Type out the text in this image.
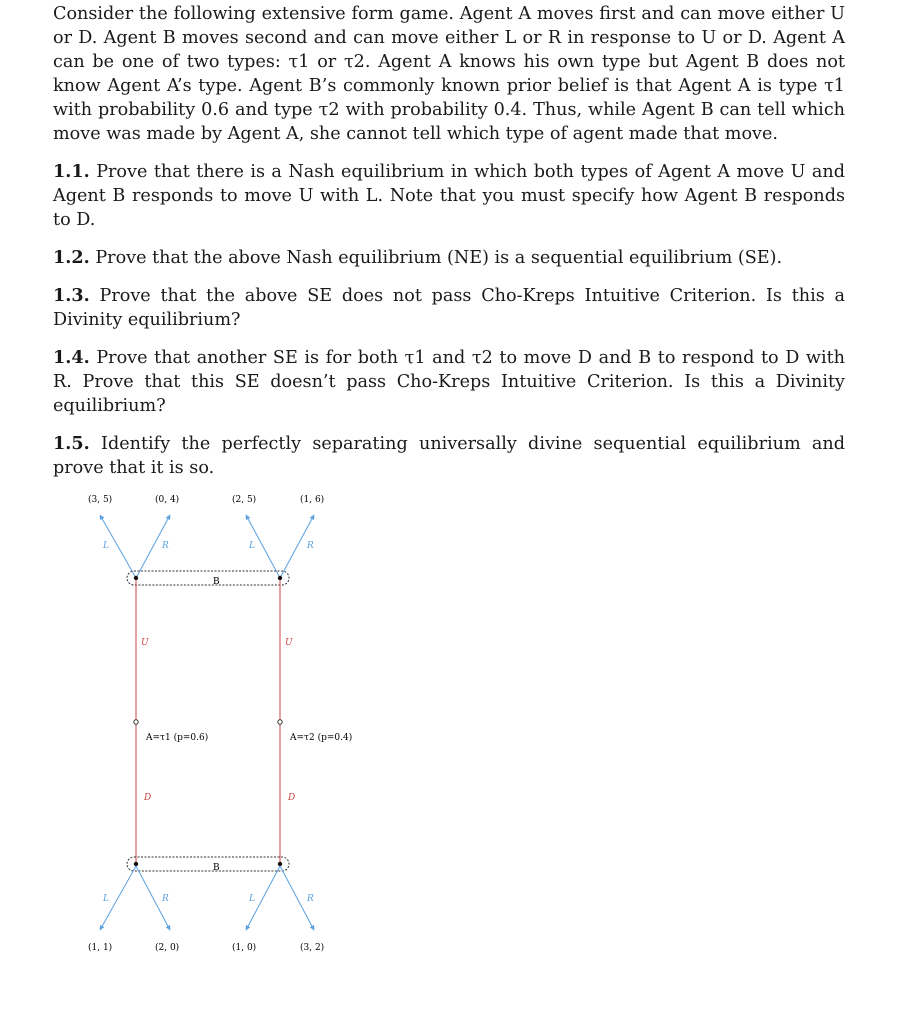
Consider the following extensive form game. Agent A moves first and can move either U or D. Agent B moves second and can move either L or R in response to U or D. Agent A can be one of two types: τ1 or τ2. Agent A knows his own type but Agent B does not know Agent A’s type. Agent B’s commonly known prior belief is that Agent A is type τ1 with probability 0.6 and type τ2 with probability 0.4. Thus, while Agent B can tell which move was made by Agent A, she cannot tell which type of agent made that move.

1.1. Prove that there is a Nash equilibrium in which both types of Agent A move U and Agent B responds to move U with L. Note that you must specify how Agent B responds to D.

1.2. Prove that the above Nash equilibrium (NE) is a sequential equilibrium (SE).

1.3. Prove that the above SE does not pass Cho-Kreps Intuitive Criterion. Is this a Divinity equilibrium?

1.4. Prove that another SE is for both τ1 and τ2 to move D and B to respond to D with R. Prove that this SE doesn’t pass Cho-Kreps Intuitive Criterion. Is this a Divinity equilibrium?

1.5. Identify the perfectly separating universally divine sequential equilibrium and prove that it is so.

(3, 5)	(0, 4)	(2, 5)	(1, 6)
L	R	L	R
B
U	U
D	D
A=τ1 (p=0.6)	A=τ2 (p=0.4)
B
L	R	L	R
(1, 1)	(2, 0)	(1, 0)	(3, 2)
